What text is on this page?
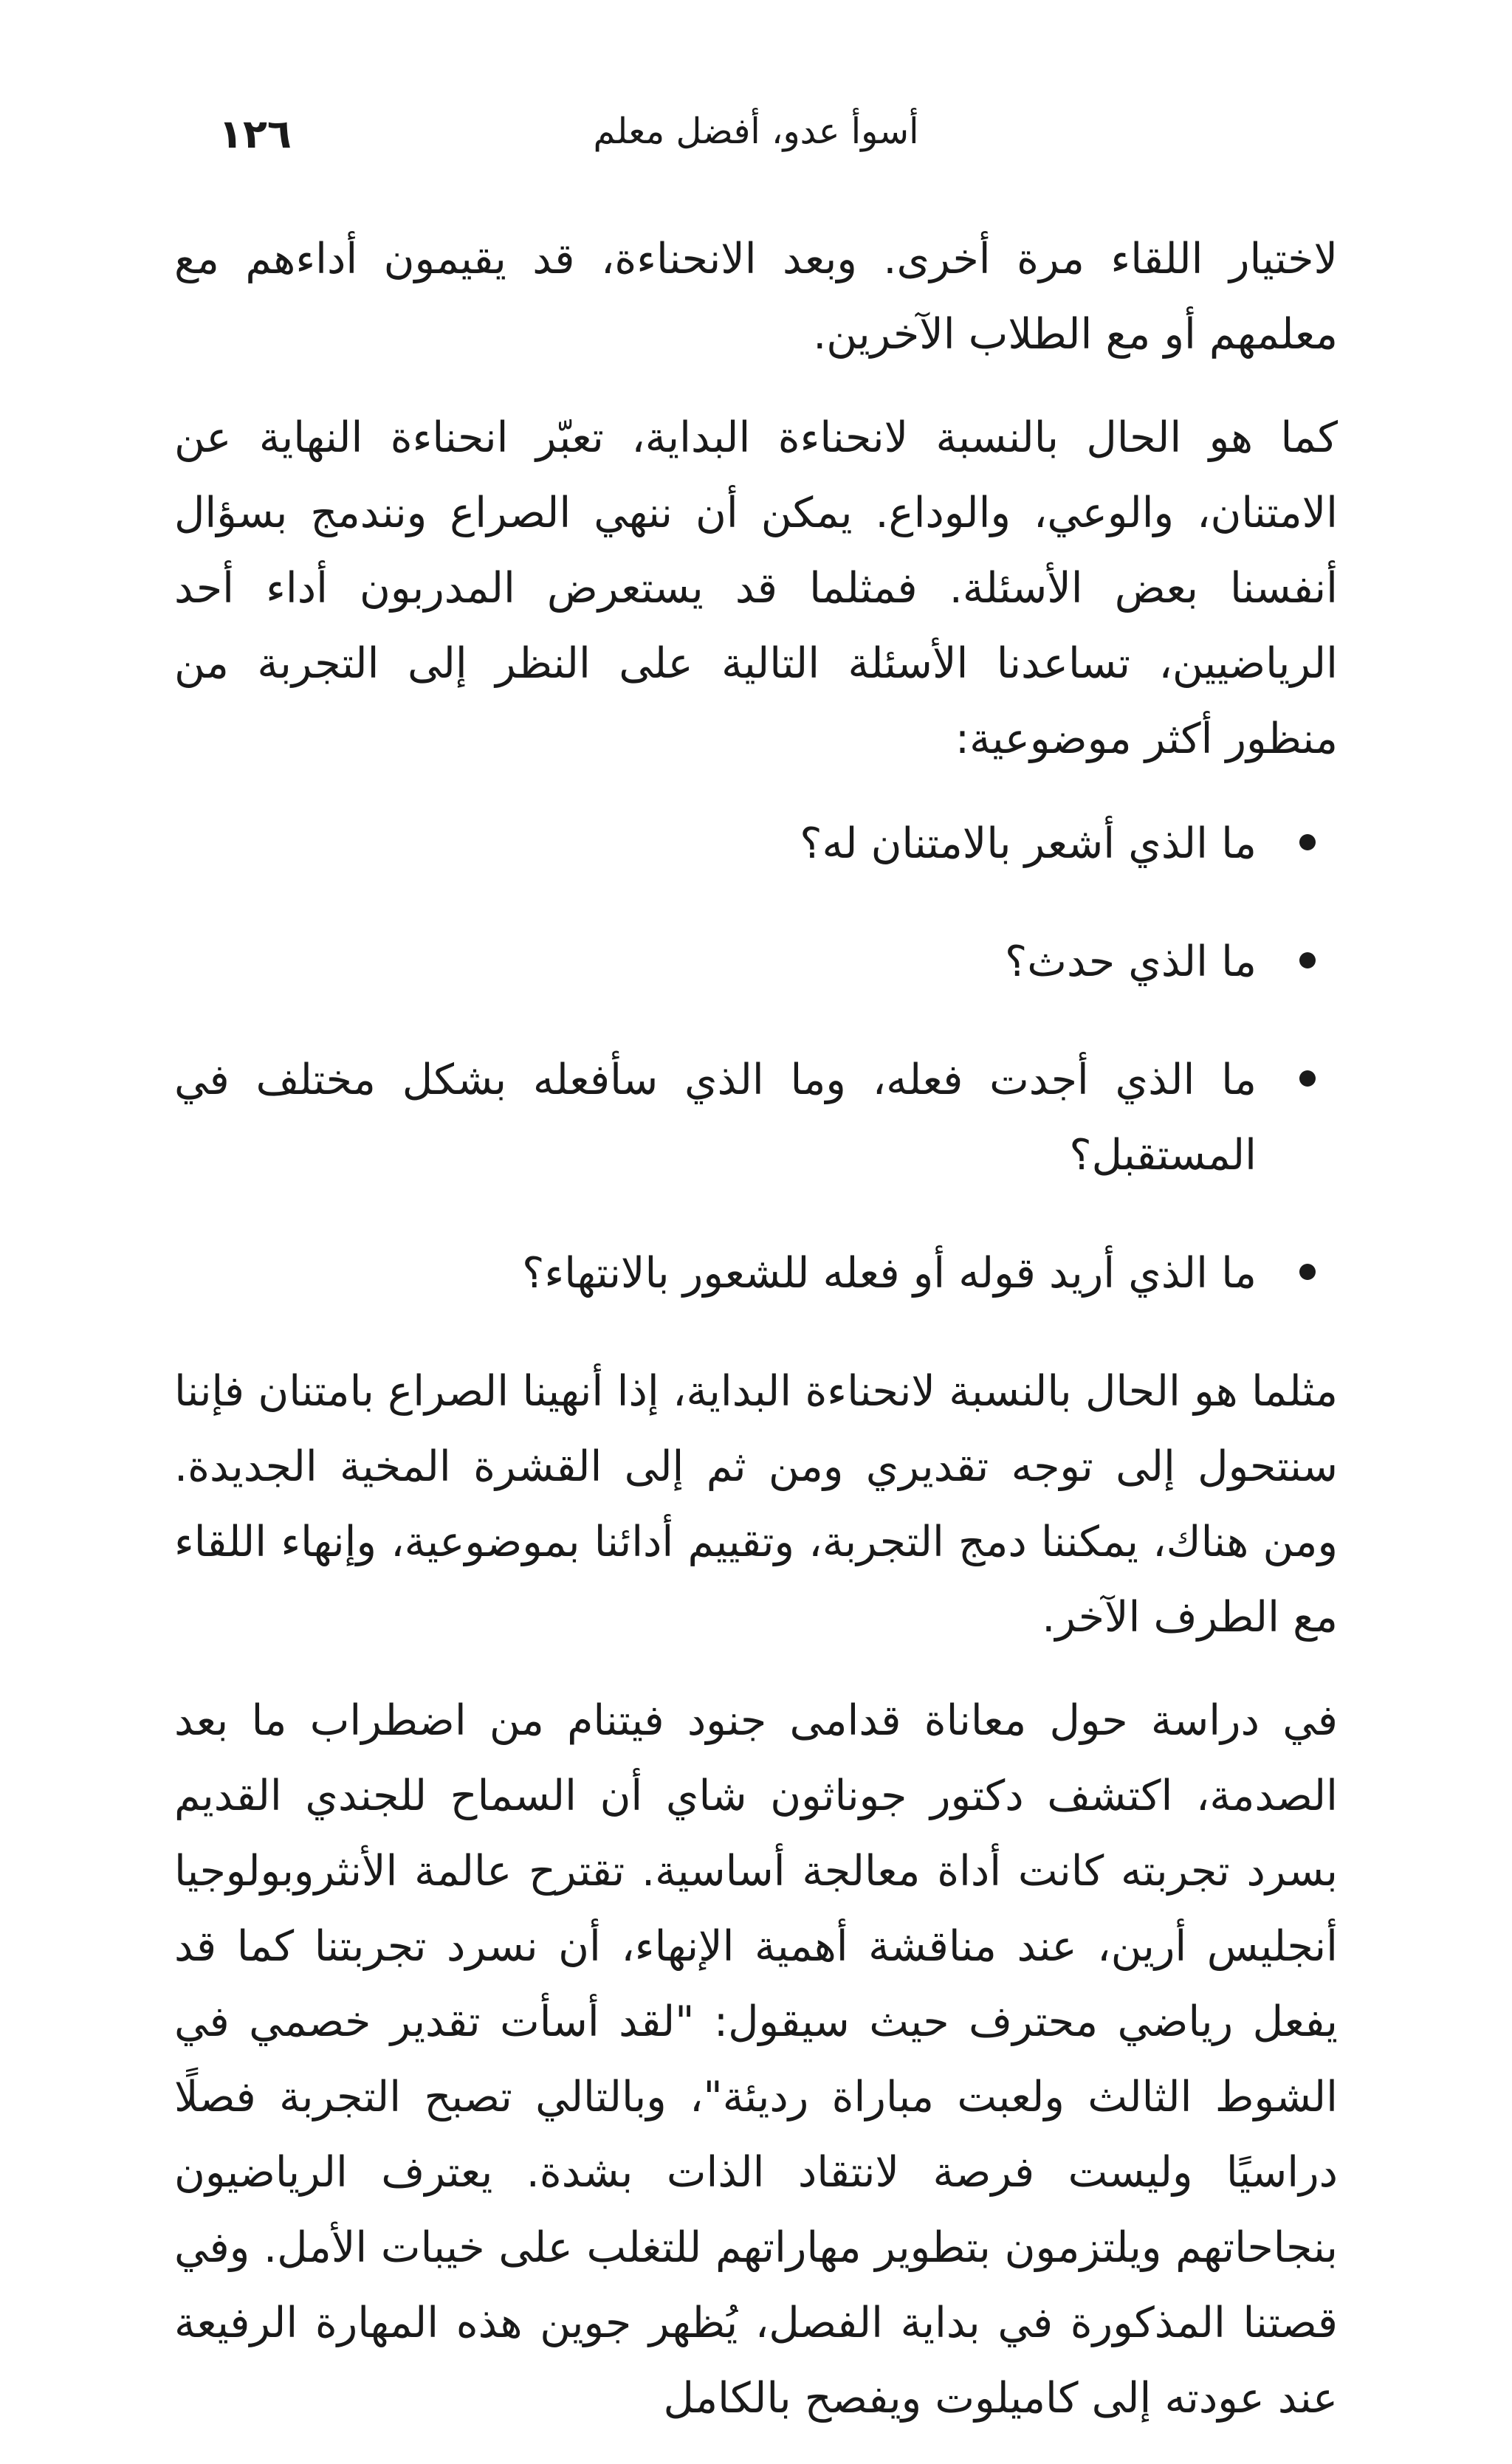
١٢٦	أسوأ عدو، أفضل معلم

لاختيار اللقاء مرة أخرى. وبعد الانحناءة، قد يقيمون أداءهم مع معلمهم أو مع الطلاب الآخرين.

كما هو الحال بالنسبة لانحناءة البداية، تعبّر انحناءة النهاية عن الامتنان، والوعي، والوداع. يمكن أن ننهي الصراع ونندمج بسؤال أنفسنا بعض الأسئلة. فمثلما قد يستعرض المدربون أداء أحد الرياضيين، تساعدنا الأسئلة التالية على النظر إلى التجربة من منظور أكثر موضوعية:

ما الذي أشعر بالامتنان له؟
ما الذي حدث؟
ما الذي أجدت فعله، وما الذي سأفعله بشكل مختلف في المستقبل؟
ما الذي أريد قوله أو فعله للشعور بالانتهاء؟

مثلما هو الحال بالنسبة لانحناءة البداية، إذا أنهينا الصراع بامتنان فإننا سنتحول إلى توجه تقديري ومن ثم إلى القشرة المخية الجديدة. ومن هناك، يمكننا دمج التجربة، وتقييم أدائنا بموضوعية، وإنهاء اللقاء مع الطرف الآخر.

في دراسة حول معاناة قدامى جنود فيتنام من اضطراب ما بعد الصدمة، اكتشف دكتور جوناثون شاي أن السماح للجندي القديم بسرد تجربته كانت أداة معالجة أساسية. تقترح عالمة الأنثروبولوجيا أنجليس أرين، عند مناقشة أهمية الإنهاء، أن نسرد تجربتنا كما قد يفعل رياضي محترف حيث سيقول: "لقد أسأت تقدير خصمي في الشوط الثالث ولعبت مباراة رديئة"، وبالتالي تصبح التجربة فصلًا دراسيًا وليست فرصة لانتقاد الذات بشدة. يعترف الرياضيون بنجاحاتهم ويلتزمون بتطوير مهاراتهم للتغلب على خيبات الأمل. وفي قصتنا المذكورة في بداية الفصل، يُظهر جوين هذه المهارة الرفيعة عند عودته إلى كاميلوت ويفصح بالكامل
